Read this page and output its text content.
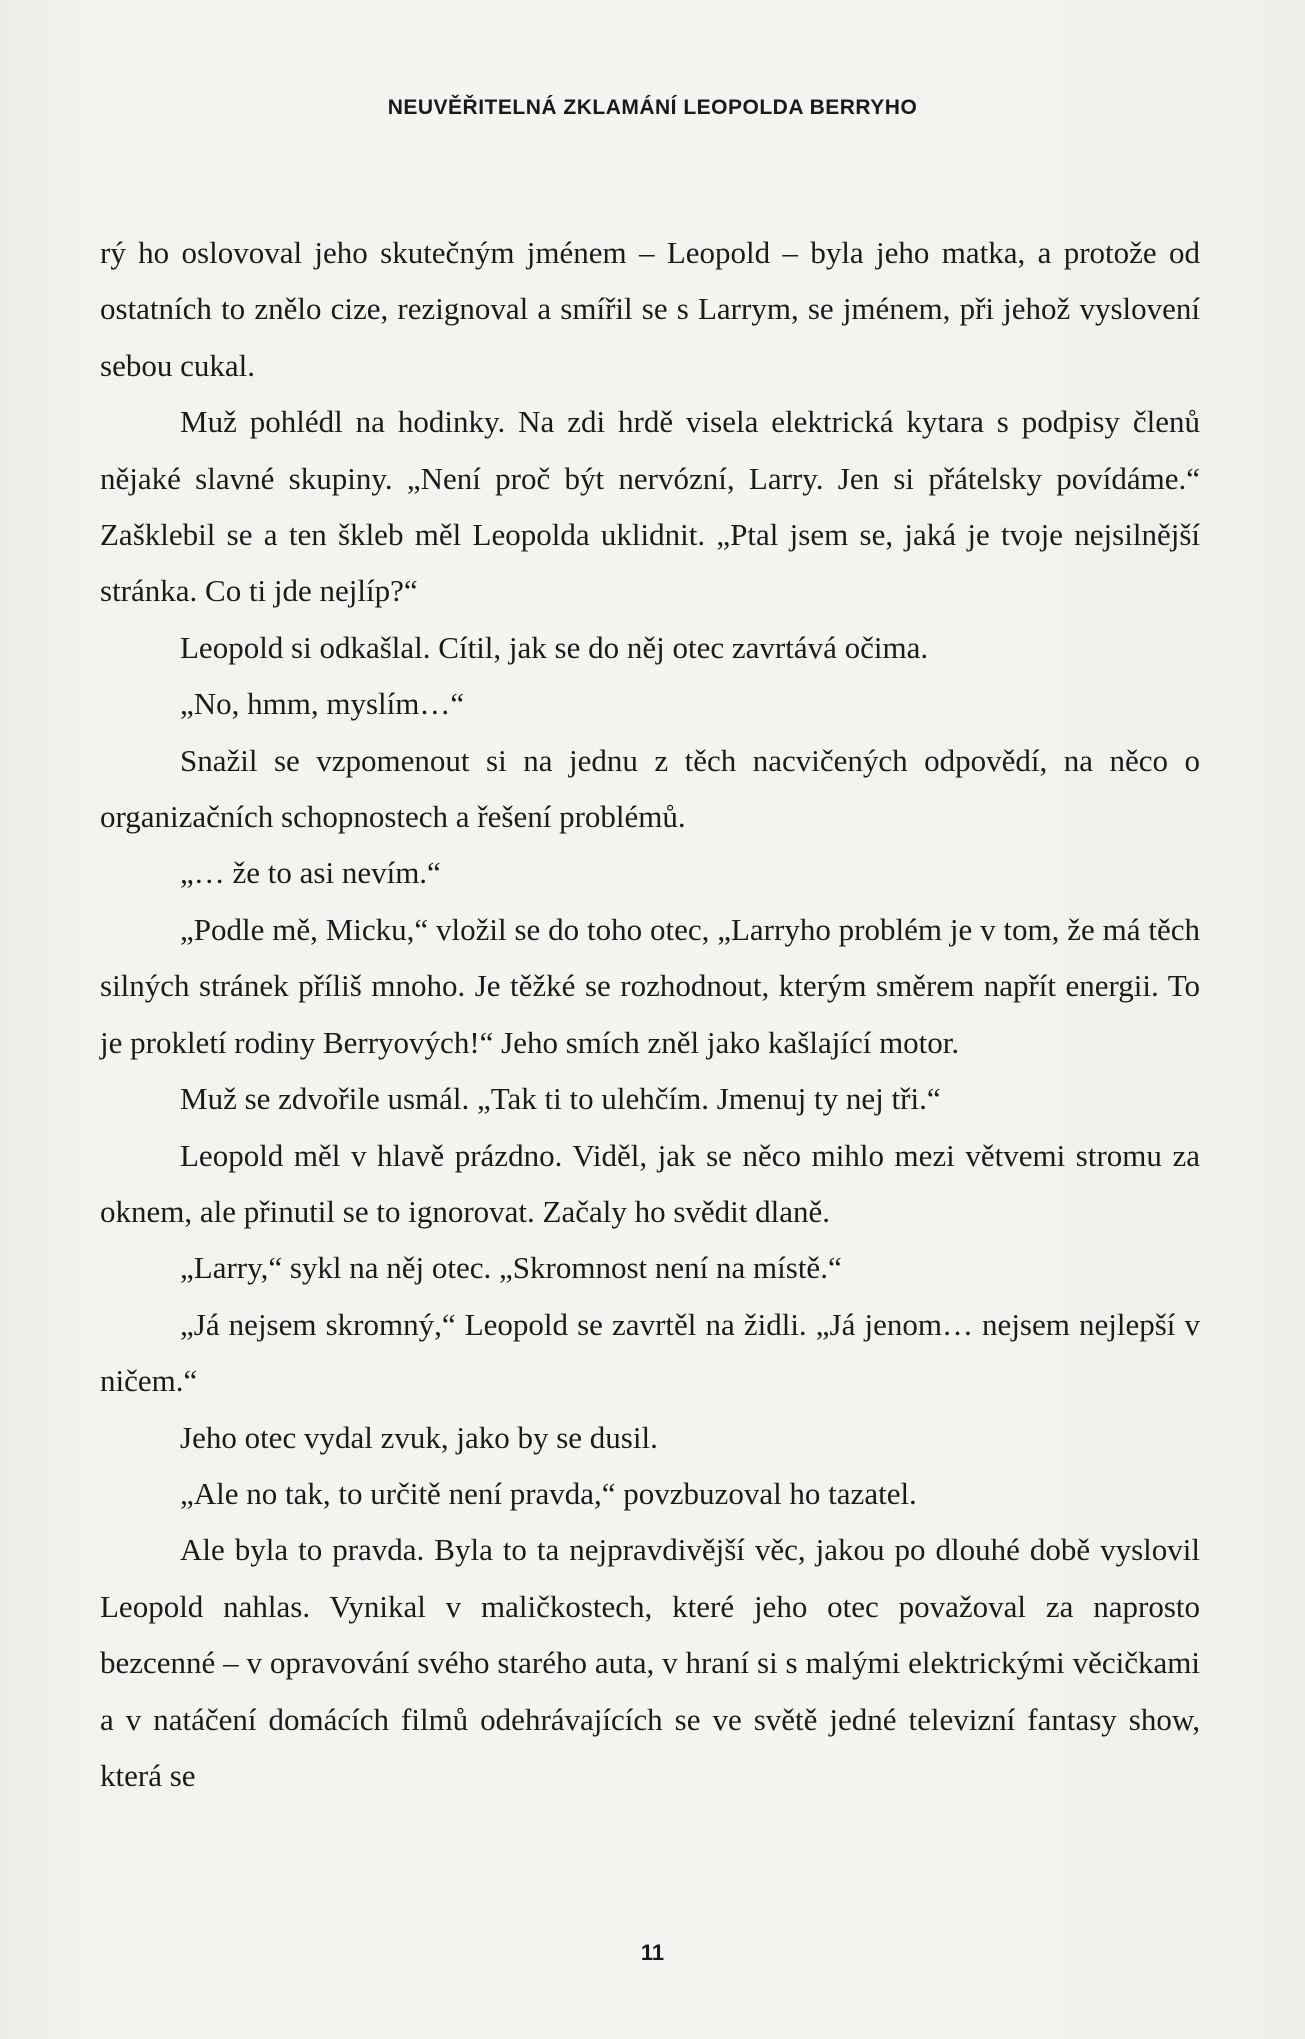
NEUVĚŘITELNÁ ZKLAMÁNÍ LEOPOLDA BERRYHO

rý ho oslovoval jeho skutečným jménem – Leopold – byla jeho matka, a protože od ostatních to znělo cize, rezignoval a smířil se s Larrym, se jménem, při jehož vyslovení sebou cukal.

Muž pohlédl na hodinky. Na zdi hrdě visela elektrická kytara s podpisy členů nějaké slavné skupiny. „Není proč být nervózní, Larry. Jen si přátelsky povídáme.“ Zašklebil se a ten škleb měl Leopolda uklidnit. „Ptal jsem se, jaká je tvoje nejsilnější stránka. Co ti jde nejlíp?“

Leopold si odkašlal. Cítil, jak se do něj otec zavrtává očima.

„No, hmm, myslím…“

Snažil se vzpomenout si na jednu z těch nacvičených odpovědí, na něco o organizačních schopnostech a řešení problémů.

„… že to asi nevím.“

„Podle mě, Micku,“ vložil se do toho otec, „Larryho problém je v tom, že má těch silných stránek příliš mnoho. Je těžké se rozhodnout, kterým směrem napřít energii. To je prokletí rodiny Berryových!“ Jeho smích zněl jako kašlající motor.

Muž se zdvořile usmál. „Tak ti to ulehčím. Jmenuj ty nej tři.“

Leopold měl v hlavě prázdno. Viděl, jak se něco mihlo mezi větvemi stromu za oknem, ale přinutil se to ignorovat. Začaly ho svědit dlaně.

„Larry,“ sykl na něj otec. „Skromnost není na místě.“

„Já nejsem skromný,“ Leopold se zavrtěl na židli. „Já jenom… nejsem nejlepší v ničem.“

Jeho otec vydal zvuk, jako by se dusil.

„Ale no tak, to určitě není pravda,“ povzbuzoval ho tazatel.

Ale byla to pravda. Byla to ta nejpravdivější věc, jakou po dlouhé době vyslovil Leopold nahlas. Vynikal v maličkostech, které jeho otec považoval za naprosto bezcenné – v opravování svého starého auta, v hraní si s malými elektrickými věcičkami a v natáčení domácích filmů odehrávajících se ve světě jedné televizní fantasy show, která se

11
